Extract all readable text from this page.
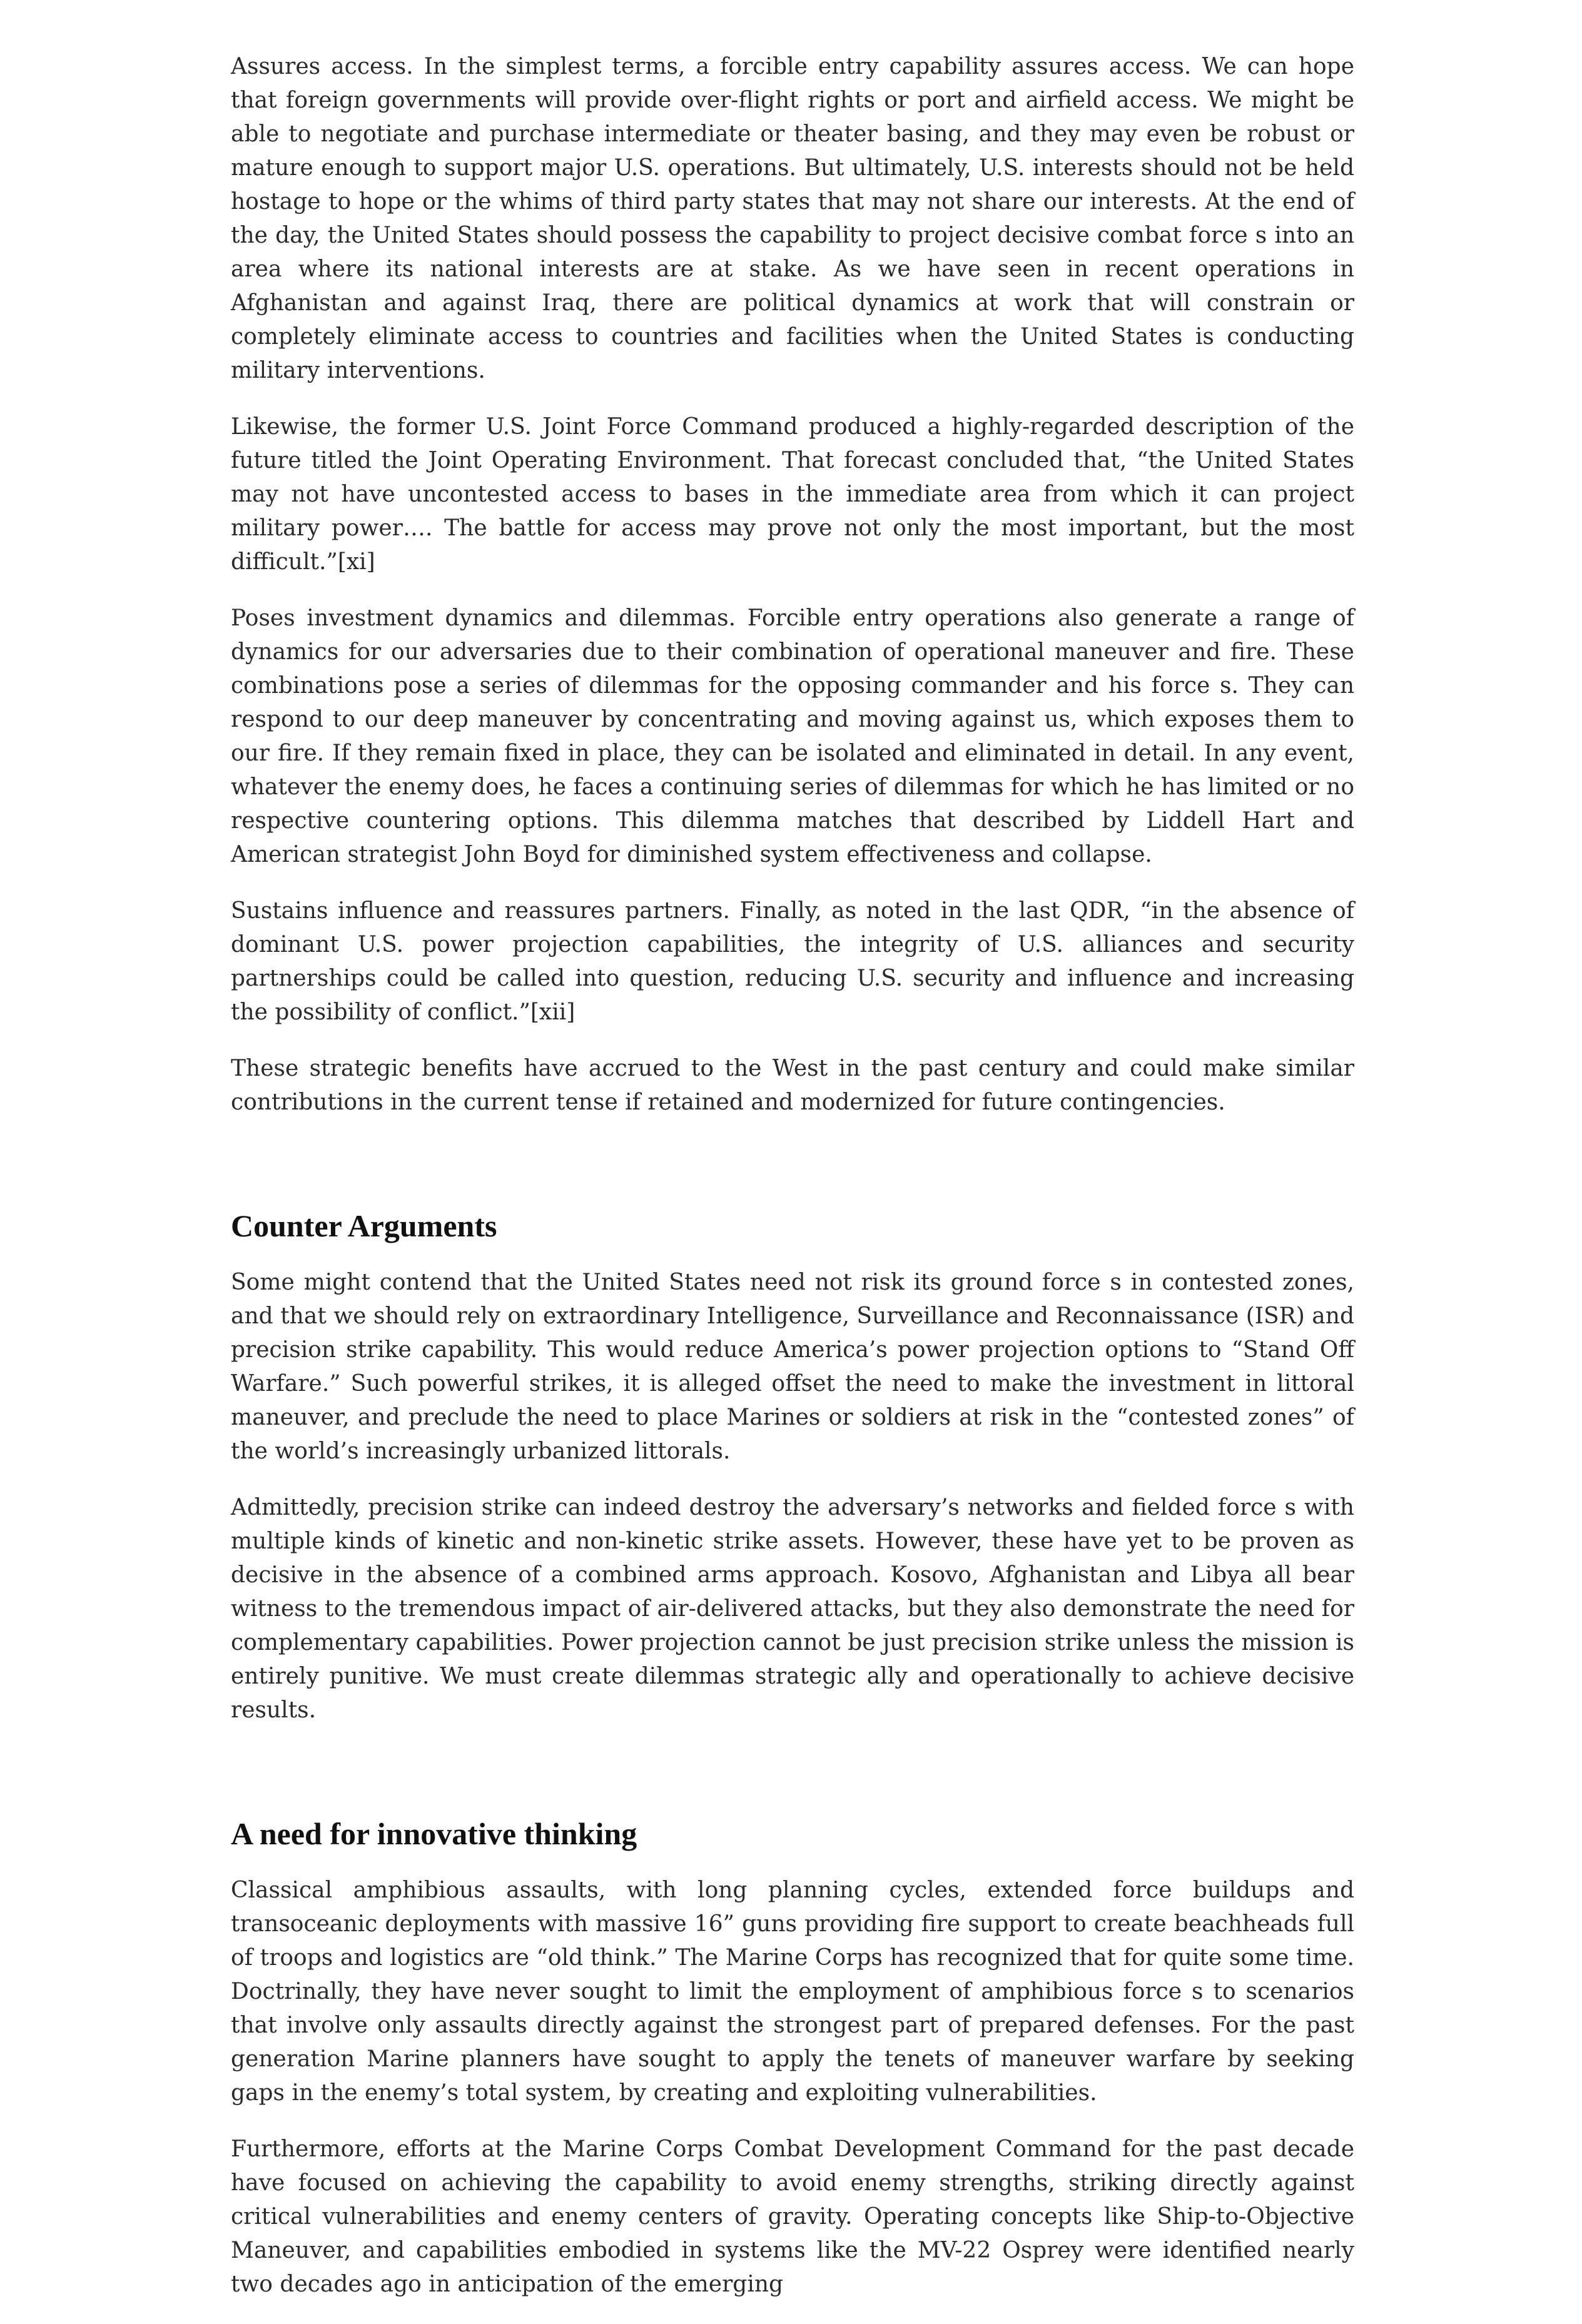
Assures access. In the simplest terms, a forcible entry capability assures access. We can hope that foreign governments will provide over-flight rights or port and airfield access. We might be able to negotiate and purchase intermediate or theater basing, and they may even be robust or mature enough to support major U.S. operations. But ultimately, U.S. interests should not be held hostage to hope or the whims of third party states that may not share our interests. At the end of the day, the United States should possess the capability to project decisive combat force s into an area where its national interests are at stake. As we have seen in recent operations in Afghanistan and against Iraq, there are political dynamics at work that will constrain or completely eliminate access to countries and facilities when the United States is conducting military interventions.

Likewise, the former U.S. Joint Force Command produced a highly-regarded description of the future titled the Joint Operating Environment. That forecast concluded that, “the United States may not have uncontested access to bases in the immediate area from which it can project military power…. The battle for access may prove not only the most important, but the most difficult.”[xi]

Poses investment dynamics and dilemmas. Forcible entry operations also generate a range of dynamics for our adversaries due to their combination of operational maneuver and fire. These combinations pose a series of dilemmas for the opposing commander and his force s. They can respond to our deep maneuver by concentrating and moving against us, which exposes them to our fire. If they remain fixed in place, they can be isolated and eliminated in detail. In any event, whatever the enemy does, he faces a continuing series of dilemmas for which he has limited or no respective countering options. This dilemma matches that described by Liddell Hart and American strategist John Boyd for diminished system effectiveness and collapse.

Sustains influence and reassures partners. Finally, as noted in the last QDR, “in the absence of dominant U.S. power projection capabilities, the integrity of U.S. alliances and security partnerships could be called into question, reducing U.S. security and influence and increasing the possibility of conflict.”[xii]

These strategic benefits have accrued to the West in the past century and could make similar contributions in the current tense if retained and modernized for future contingencies.

Counter Arguments

Some might contend that the United States need not risk its ground force s in contested zones, and that we should rely on extraordinary Intelligence, Surveillance and Reconnaissance (ISR) and precision strike capability. This would reduce America’s power projection options to “Stand Off Warfare.” Such powerful strikes, it is alleged offset the need to make the investment in littoral maneuver, and preclude the need to place Marines or soldiers at risk in the “contested zones” of the world’s increasingly urbanized littorals.

Admittedly, precision strike can indeed destroy the adversary’s networks and fielded force s with multiple kinds of kinetic and non-kinetic strike assets. However, these have yet to be proven as decisive in the absence of a combined arms approach. Kosovo, Afghanistan and Libya all bear witness to the tremendous impact of air-delivered attacks, but they also demonstrate the need for complementary capabilities. Power projection cannot be just precision strike unless the mission is entirely punitive. We must create dilemmas strategic ally and operationally to achieve decisive results.

A need for innovative thinking

Classical amphibious assaults, with long planning cycles, extended force buildups and transoceanic deployments with massive 16” guns providing fire support to create beachheads full of troops and logistics are “old think.” The Marine Corps has recognized that for quite some time. Doctrinally, they have never sought to limit the employment of amphibious force s to scenarios that involve only assaults directly against the strongest part of prepared defenses. For the past generation Marine planners have sought to apply the tenets of maneuver warfare by seeking gaps in the enemy’s total system, by creating and exploiting vulnerabilities.

Furthermore, efforts at the Marine Corps Combat Development Command for the past decade have focused on achieving the capability to avoid enemy strengths, striking directly against critical vulnerabilities and enemy centers of gravity. Operating concepts like Ship-to-Objective Maneuver, and capabilities embodied in systems like the MV-22 Osprey were identified nearly two decades ago in anticipation of the emerging
